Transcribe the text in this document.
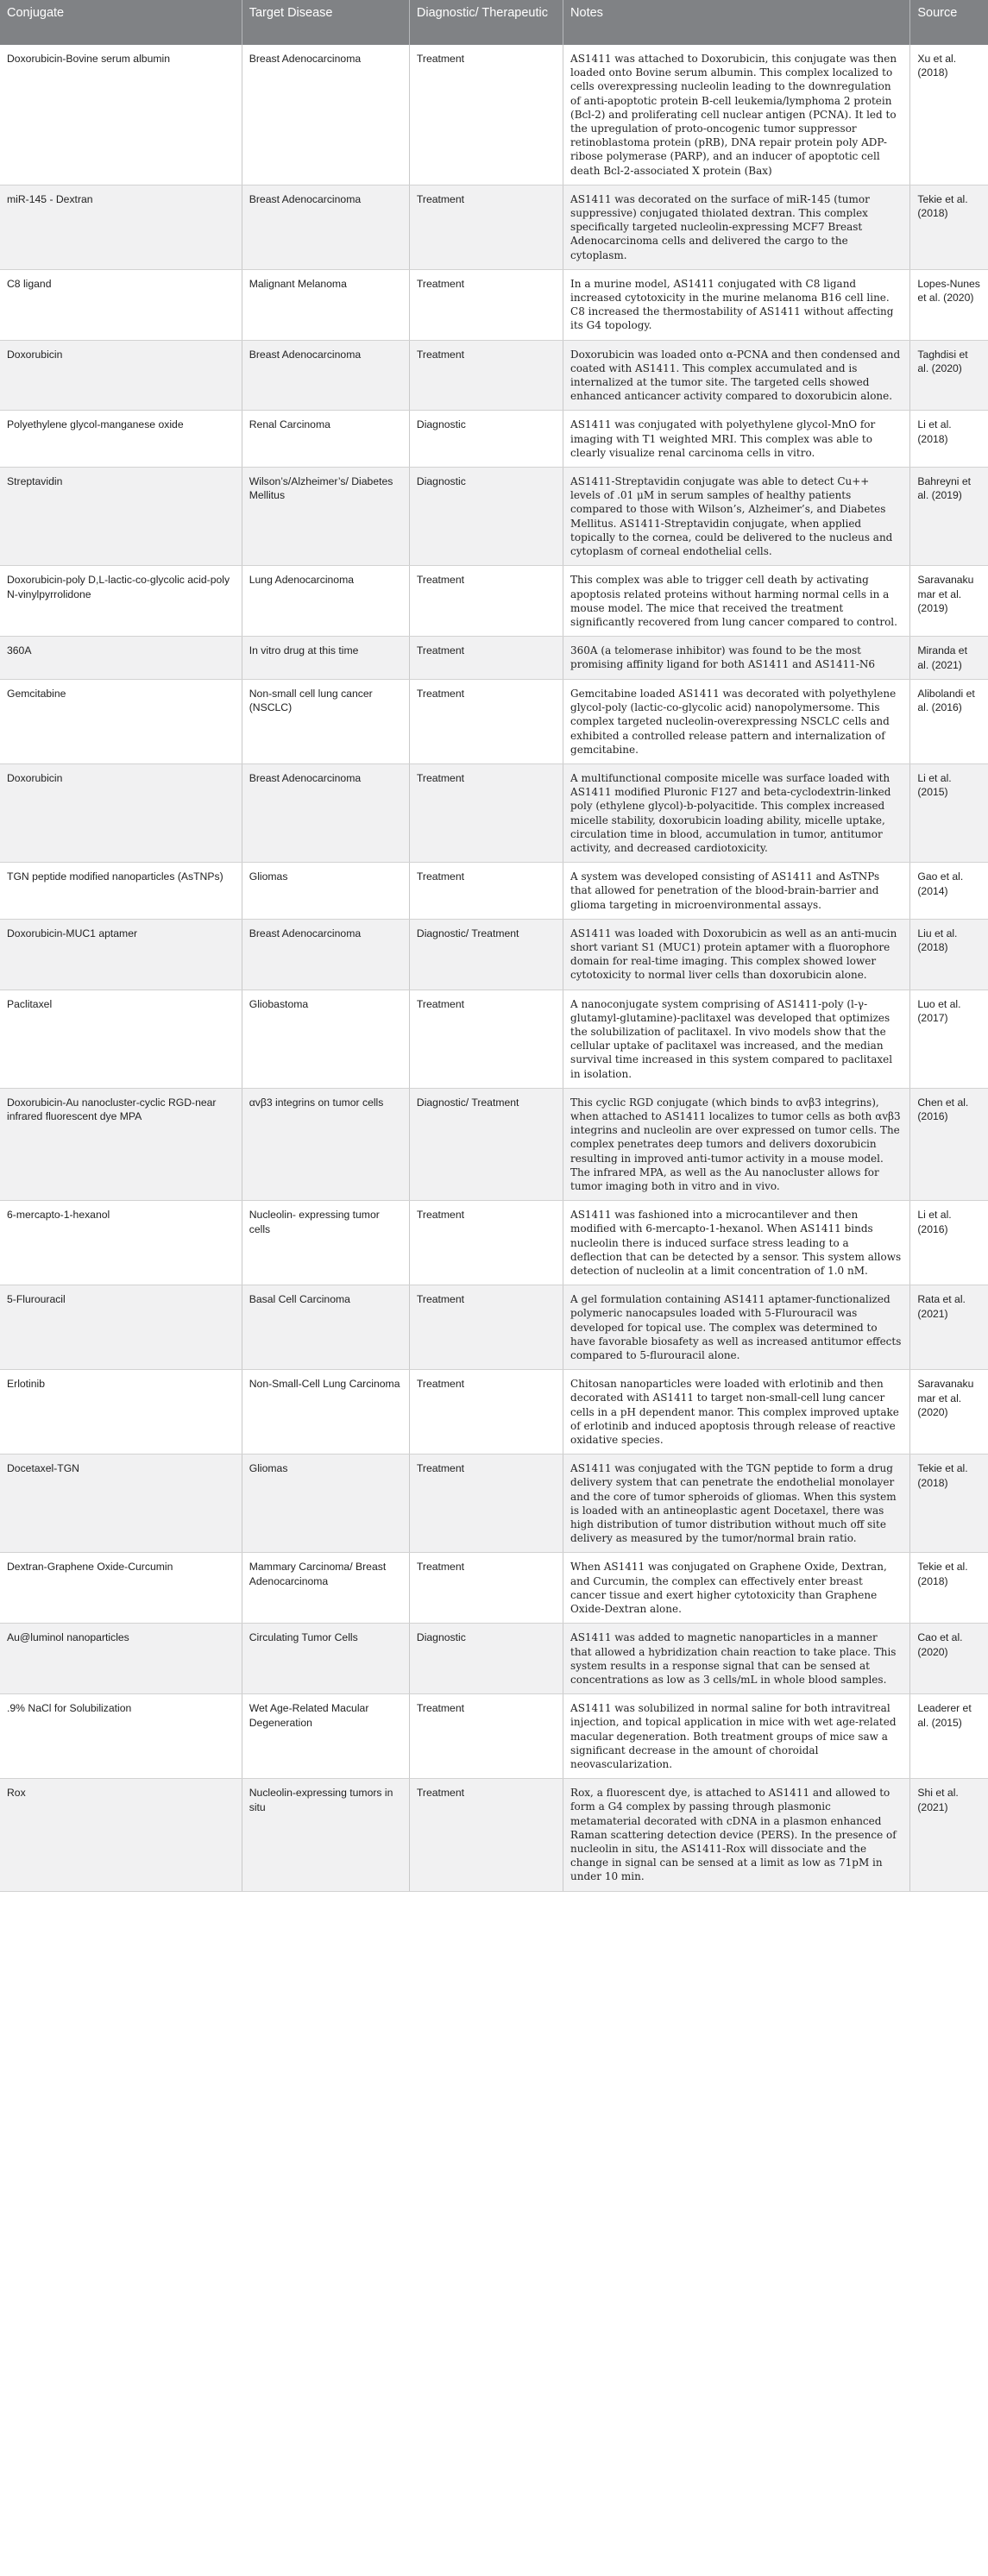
Conjugate	Target Disease	Diagnostic/ Therapeutic	Notes	Source
Doxorubicin-Bovine serum albumin	Breast Adenocarcinoma	Treatment	AS1411 was attached to Doxorubicin, this conjugate was then loaded onto Bovine serum albumin. This complex localized to cells overexpressing nucleolin leading to the downregulation of anti-apoptotic protein B-cell leukemia/lymphoma 2 protein (Bcl-2) and proliferating cell nuclear antigen (PCNA). It led to the upregulation of proto-oncogenic tumor suppressor retinoblastoma protein (pRB), DNA repair protein poly ADP-ribose polymerase (PARP), and an inducer of apoptotic cell death Bcl-2-associated X protein (Bax)	Xu et al. (2018)
miR-145 - Dextran	Breast Adenocarcinoma	Treatment	AS1411 was decorated on the surface of miR-145 (tumor suppressive) conjugated thiolated dextran. This complex specifically targeted nucleolin-expressing MCF7 Breast Adenocarcinoma cells and delivered the cargo to the cytoplasm.	Tekie et al. (2018)
C8 ligand	Malignant Melanoma	Treatment	In a murine model, AS1411 conjugated with C8 ligand increased cytotoxicity in the murine melanoma B16 cell line. C8 increased the thermostability of AS1411 without affecting its G4 topology.	Lopes-Nunes et al. (2020)
Doxorubicin	Breast Adenocarcinoma	Treatment	Doxorubicin was loaded onto α-PCNA and then condensed and coated with AS1411. This complex accumulated and is internalized at the tumor site. The targeted cells showed enhanced anticancer activity compared to doxorubicin alone.	Taghdisi et al. (2020)
Polyethylene glycol-manganese oxide	Renal Carcinoma	Diagnostic	AS1411 was conjugated with polyethylene glycol-MnO for imaging with T1 weighted MRI. This complex was able to clearly visualize renal carcinoma cells in vitro.	Li et al. (2018)
Streptavidin	Wilson’s/Alzheimer’s/ Diabetes Mellitus	Diagnostic	AS1411-Streptavidin conjugate was able to detect Cu++ levels of .01 μM in serum samples of healthy patients compared to those with Wilson’s, Alzheimer’s, and Diabetes Mellitus. AS1411-Streptavidin conjugate, when applied topically to the cornea, could be delivered to the nucleus and cytoplasm of corneal endothelial cells.	Bahreyni et al. (2019)
Doxorubicin-poly D,L-lactic-co-glycolic acid-poly N-vinylpyrrolidone	Lung Adenocarcinoma	Treatment	This complex was able to trigger cell death by activating apoptosis related proteins without harming normal cells in a mouse model. The mice that received the treatment significantly recovered from lung cancer compared to control.	Saravanakumar et al. (2019)
360A	In vitro drug at this time	Treatment	360A (a telomerase inhibitor) was found to be the most promising affinity ligand for both AS1411 and AS1411-N6	Miranda et al. (2021)
Gemcitabine	Non-small cell lung cancer (NSCLC)	Treatment	Gemcitabine loaded AS1411 was decorated with polyethylene glycol-poly (lactic-co-glycolic acid) nanopolymersome. This complex targeted nucleolin-overexpressing NSCLC cells and exhibited a controlled release pattern and internalization of gemcitabine.	Alibolandi et al. (2016)
Doxorubicin	Breast Adenocarcinoma	Treatment	A multifunctional composite micelle was surface loaded with AS1411 modified Pluronic F127 and beta-cyclodextrin-linked poly (ethylene glycol)-b-polyacitide. This complex increased micelle stability, doxorubicin loading ability, micelle uptake, circulation time in blood, accumulation in tumor, antitumor activity, and decreased cardiotoxicity.	Li et al. (2015)
TGN peptide modified nanoparticles (AsTNPs)	Gliomas	Treatment	A system was developed consisting of AS1411 and AsTNPs that allowed for penetration of the blood-brain-barrier and glioma targeting in microenvironmental assays.	Gao et al. (2014)
Doxorubicin-MUC1 aptamer	Breast Adenocarcinoma	Diagnostic/ Treatment	AS1411 was loaded with Doxorubicin as well as an anti-mucin short variant S1 (MUC1) protein aptamer with a fluorophore domain for real-time imaging. This complex showed lower cytotoxicity to normal liver cells than doxorubicin alone.	Liu et al. (2018)
Paclitaxel	Gliobastoma	Treatment	A nanoconjugate system comprising of AS1411-poly (l-γ-glutamyl-glutamine)-paclitaxel was developed that optimizes the solubilization of paclitaxel. In vivo models show that the cellular uptake of paclitaxel was increased, and the median survival time increased in this system compared to paclitaxel in isolation.	Luo et al. (2017)
Doxorubicin-Au nanocluster-cyclic RGD-near infrared fluorescent dye MPA	αvβ3 integrins on tumor cells	Diagnostic/ Treatment	This cyclic RGD conjugate (which binds to αvβ3 integrins), when attached to AS1411 localizes to tumor cells as both αvβ3 integrins and nucleolin are over expressed on tumor cells. The complex penetrates deep tumors and delivers doxorubicin resulting in improved anti-tumor activity in a mouse model. The infrared MPA, as well as the Au nanocluster allows for tumor imaging both in vitro and in vivo.	Chen et al. (2016)
6-mercapto-1-hexanol	Nucleolin- expressing tumor cells	Treatment	AS1411 was fashioned into a microcantilever and then modified with 6-mercapto-1-hexanol. When AS1411 binds nucleolin there is induced surface stress leading to a deflection that can be detected by a sensor. This system allows detection of nucleolin at a limit concentration of 1.0 nM.	Li et al. (2016)
5-Flurouracil	Basal Cell Carcinoma	Treatment	A gel formulation containing AS1411 aptamer-functionalized polymeric nanocapsules loaded with 5-Flurouracil was developed for topical use. The complex was determined to have favorable biosafety as well as increased antitumor effects compared to 5-flurouracil alone.	Rata et al. (2021)
Erlotinib	Non-Small-Cell Lung Carcinoma	Treatment	Chitosan nanoparticles were loaded with erlotinib and then decorated with AS1411 to target non-small-cell lung cancer cells in a pH dependent manor. This complex improved uptake of erlotinib and induced apoptosis through release of reactive oxidative species.	Saravanakumar et al. (2020)
Docetaxel-TGN	Gliomas	Treatment	AS1411 was conjugated with the TGN peptide to form a drug delivery system that can penetrate the endothelial monolayer and the core of tumor spheroids of gliomas. When this system is loaded with an antineoplastic agent Docetaxel, there was high distribution of tumor distribution without much off site delivery as measured by the tumor/normal brain ratio.	Tekie et al. (2018)
Dextran-Graphene Oxide-Curcumin	Mammary Carcinoma/ Breast Adenocarcinoma	Treatment	When AS1411 was conjugated on Graphene Oxide, Dextran, and Curcumin, the complex can effectively enter breast cancer tissue and exert higher cytotoxicity than Graphene Oxide-Dextran alone.	Tekie et al. (2018)
Au@luminol nanoparticles	Circulating Tumor Cells	Diagnostic	AS1411 was added to magnetic nanoparticles in a manner that allowed a hybridization chain reaction to take place. This system results in a response signal that can be sensed at concentrations as low as 3 cells/mL in whole blood samples.	Cao et al. (2020)
.9% NaCl for Solubilization	Wet Age-Related Macular Degeneration	Treatment	AS1411 was solubilized in normal saline for both intravitreal injection, and topical application in mice with wet age-related macular degeneration. Both treatment groups of mice saw a significant decrease in the amount of choroidal neovascularization.	Leaderer et al. (2015)
Rox	Nucleolin-expressing tumors in situ	Treatment	Rox, a fluorescent dye, is attached to AS1411 and allowed to form a G4 complex by passing through plasmonic metamaterial decorated with cDNA in a plasmon enhanced Raman scattering detection device (PERS). In the presence of nucleolin in situ, the AS1411-Rox will dissociate and the change in signal can be sensed at a limit as low as 71pM in under 10 min.	Shi et al. (2021)
